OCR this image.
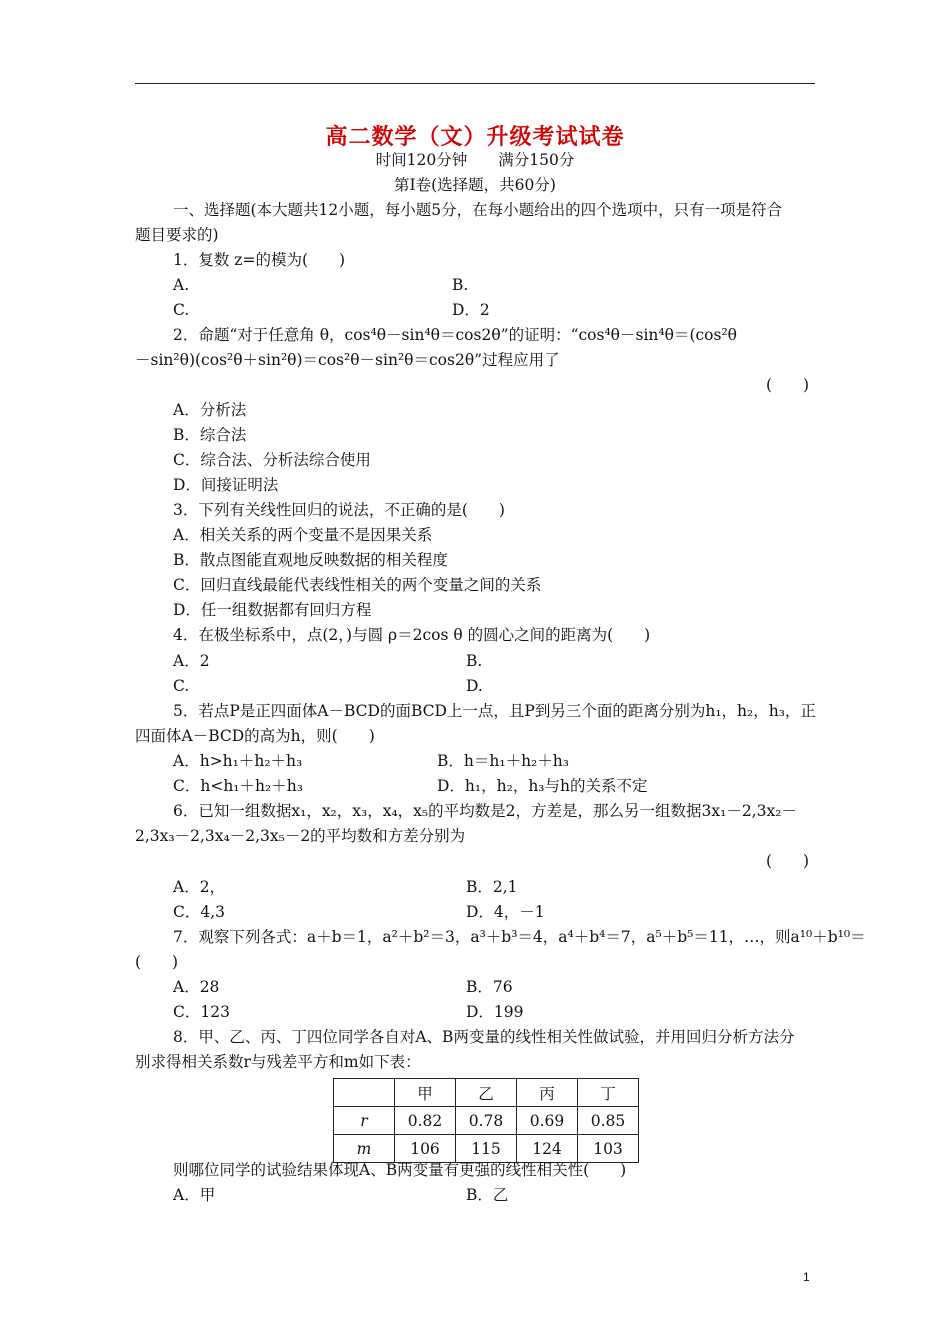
高二数学（文）升级考试试卷
时间120分钟　　满分150分
第Ⅰ卷(选择题，共60分)
一、选择题(本大题共12小题，每小题5分，在每小题给出的四个选项中，只有一项是符合
题目要求的)
1．复数 z=的模为(　　)
A.	B.
C.	D．2
2．命题“对于任意角 θ，cos⁴θ－sin⁴θ＝cos2θ”的证明：“cos⁴θ－sin⁴θ＝(cos²θ
－sin²θ)(cos²θ＋sin²θ)＝cos²θ－sin²θ＝cos2θ”过程应用了
(　　)
A．分析法
B．综合法
C．综合法、分析法综合使用
D．间接证明法
3．下列有关线性回归的说法，不正确的是(　　)
A．相关关系的两个变量不是因果关系
B．散点图能直观地反映数据的相关程度
C．回归直线最能代表线性相关的两个变量之间的关系
D．任一组数据都有回归方程
4．在极坐标系中，点(2，)与圆 ρ＝2cos θ 的圆心之间的距离为(　　)
A．2	B.
C.	D.
5．若点P是正四面体A－BCD的面BCD上一点，且P到另三个面的距离分别为h₁，h₂，h₃，正
四面体A－BCD的高为h，则(　　)
A．h>h₁＋h₂＋h₃	B．h＝h₁＋h₂＋h₃
C．h<h₁＋h₂＋h₃	D．h₁，h₂，h₃与h的关系不定
6．已知一组数据x₁，x₂，x₃，x₄，x₅的平均数是2，方差是，那么另一组数据3x₁－2,3x₂－
2,3x₃－2,3x₄－2,3x₅－2的平均数和方差分别为
(　　)
A．2，	B．2,1
C．4,3	D．4，－1
7．观察下列各式：a＋b＝1，a²＋b²＝3，a³＋b³＝4，a⁴＋b⁴＝7，a⁵＋b⁵＝11，…，则a¹⁰＋b¹⁰＝
(　　)
A．28	B．76
C．123	D．199
8．甲、乙、丙、丁四位同学各自对A、B两变量的线性相关性做试验，并用回归分析方法分
别求得相关系数r与残差平方和m如下表：
	甲	乙	丙	丁
r	0.82	0.78	0.69	0.85
m	106	115	124	103
则哪位同学的试验结果体现A、B两变量有更强的线性相关性(　　)
A．甲	B．乙
1
